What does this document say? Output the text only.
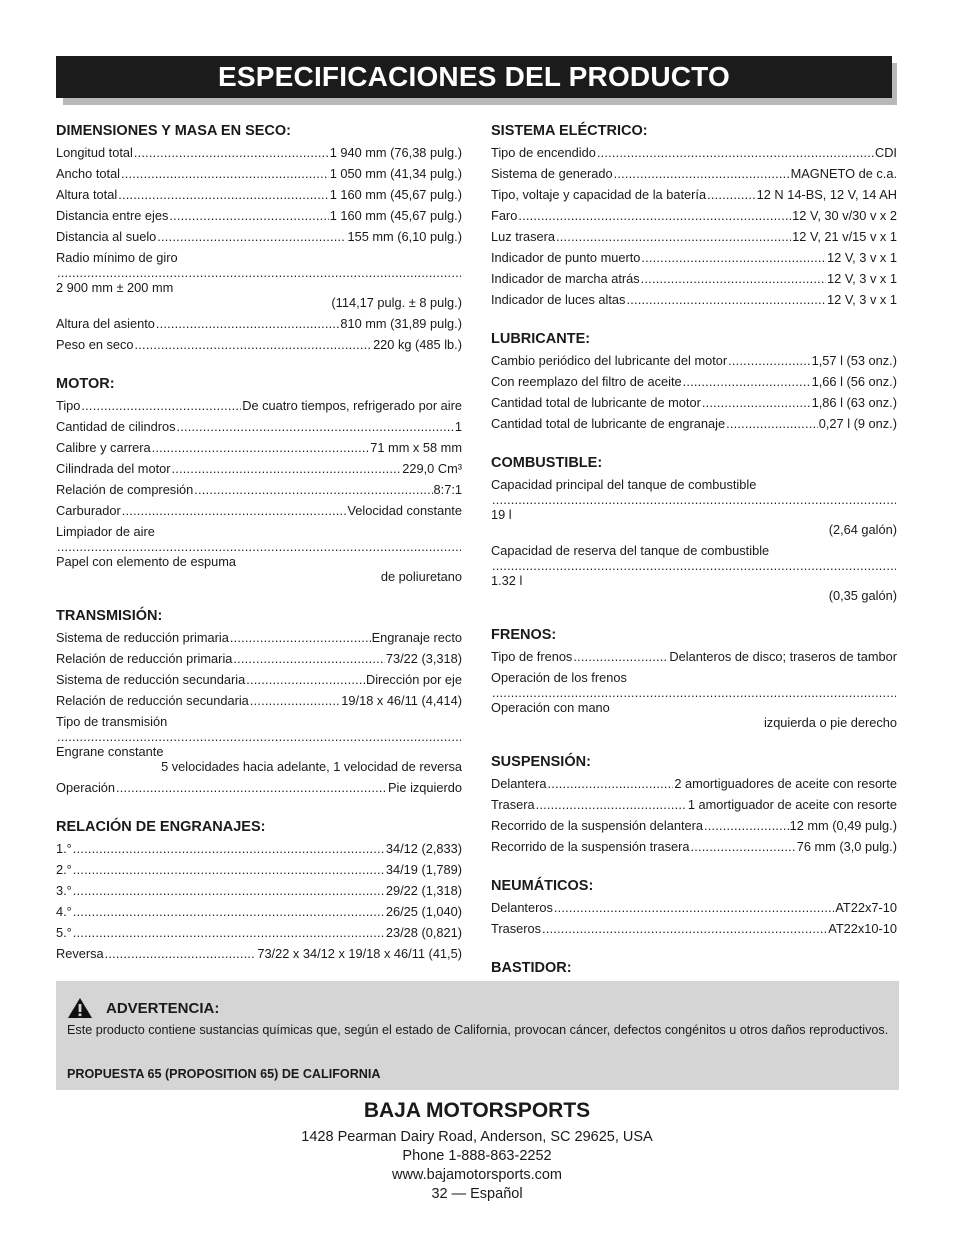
ESPECIFICACIONES DEL PRODUCTO
DIMENSIONES Y MASA EN SECO:
Longitud total .....	1 940 mm (76,38 pulg.)
Ancho total .....	1 050 mm (41,34 pulg.)
Altura total .....	1 160 mm (45,67 pulg.)
Distancia entre ejes .....	1 160 mm (45,67 pulg.)
Distancia al suelo .....	155 mm (6,10 pulg.)
Radio mínimo de giro
.....
2 900 mm ± 200 mm
(114,17 pulg. ± 8 pulg.)
Altura del asiento .....	810 mm (31,89 pulg.)
Peso en seco .....	220 kg (485 lb.)
MOTOR:
Tipo .....	De cuatro tiempos, refrigerado por aire
Cantidad de cilindros .....	1
Calibre y carrera .....	71 mm x 58 mm
Cilindrada del motor .....	229,0 Cm³
Relación de compresión .....	8:7:1
Carburador .....	Velocidad constante
Limpiador de aire
.....
Papel con elemento de espuma
de poliuretano
TRANSMISIÓN:
Sistema de reducción primaria .....	Engranaje recto
Relación de reducción primaria .....	73/22 (3,318)
Sistema de reducción secundaria .....	Dirección por eje
Relación de reducción secundaria .....	19/18 x 46/11 (4,414)
Tipo de transmisión
.....
Engrane constante
5 velocidades hacia adelante, 1 velocidad de reversa
Operación .....	Pie izquierdo
RELACIÓN DE ENGRANAJES:
1.° .....	34/12 (2,833)
2.° .....	34/19 (1,789)
3.° .....	29/22 (1,318)
4.° .....	26/25 (1,040)
5.° .....	23/28 (0,821)
Reversa .....	73/22 x 34/12 x 19/18 x 46/11 (41,5)
SISTEMA ELÉCTRICO:
Tipo de encendido .....	CDI
Sistema de generado .....	MAGNETO de c.a.
Tipo, voltaje y capacidad de la batería .....	12 N 14-BS, 12 V, 14 AH
Faro .....	12 V, 30 v/30 v x 2
Luz trasera .....	12 V, 21 v/15 v x 1
Indicador de punto muerto .....	12 V, 3 v x 1
Indicador de marcha atrás .....	12 V, 3 v x 1
Indicador de luces altas .....	12 V, 3 v x 1
LUBRICANTE:
Cambio periódico del lubricante del motor .....	1,57 l (53 onz.)
Con reemplazo del filtro de aceite .....	1,66 l (56 onz.)
Cantidad total de lubricante de motor .....	1,86 l (63 onz.)
Cantidad total de lubricante de engranaje .....	0,27 l (9 onz.)
COMBUSTIBLE:
Capacidad principal del tanque de combustible
.....
19 l
(2,64 galón)
Capacidad de reserva del tanque de combustible
.....
1.32 l
(0,35 galón)
FRENOS:
Tipo de frenos .....	Delanteros de disco; traseros de tambor
Operación de los frenos
.....
Operación con mano
izquierda o pie derecho
SUSPENSIÓN:
Delantera .....	2 amortiguadores de aceite con resorte
Trasera .....	1 amortiguador de aceite con resorte
Recorrido de la suspensión delantera .....	12 mm (0,49 pulg.)
Recorrido de la suspensión trasera .....	76 mm (3,0 pulg.)
NEUMÁTICOS:
Delanteros .....	AT22x7-10
Traseros .....	AT22x10-10
BASTIDOR:
.....
.....
ADVERTENCIA:
Este producto contiene sustancias químicas que, según el estado de California, provocan cáncer, defectos congénitos u otros daños reproductivos.
PROPUESTA 65 (PROPOSITION 65) DE CALIFORNIA
BAJA MOTORSPORTS
1428 Pearman Dairy Road, Anderson, SC 29625, USA
Phone 1-888-863-2252
www.bajamotorsports.com
32 — Español
